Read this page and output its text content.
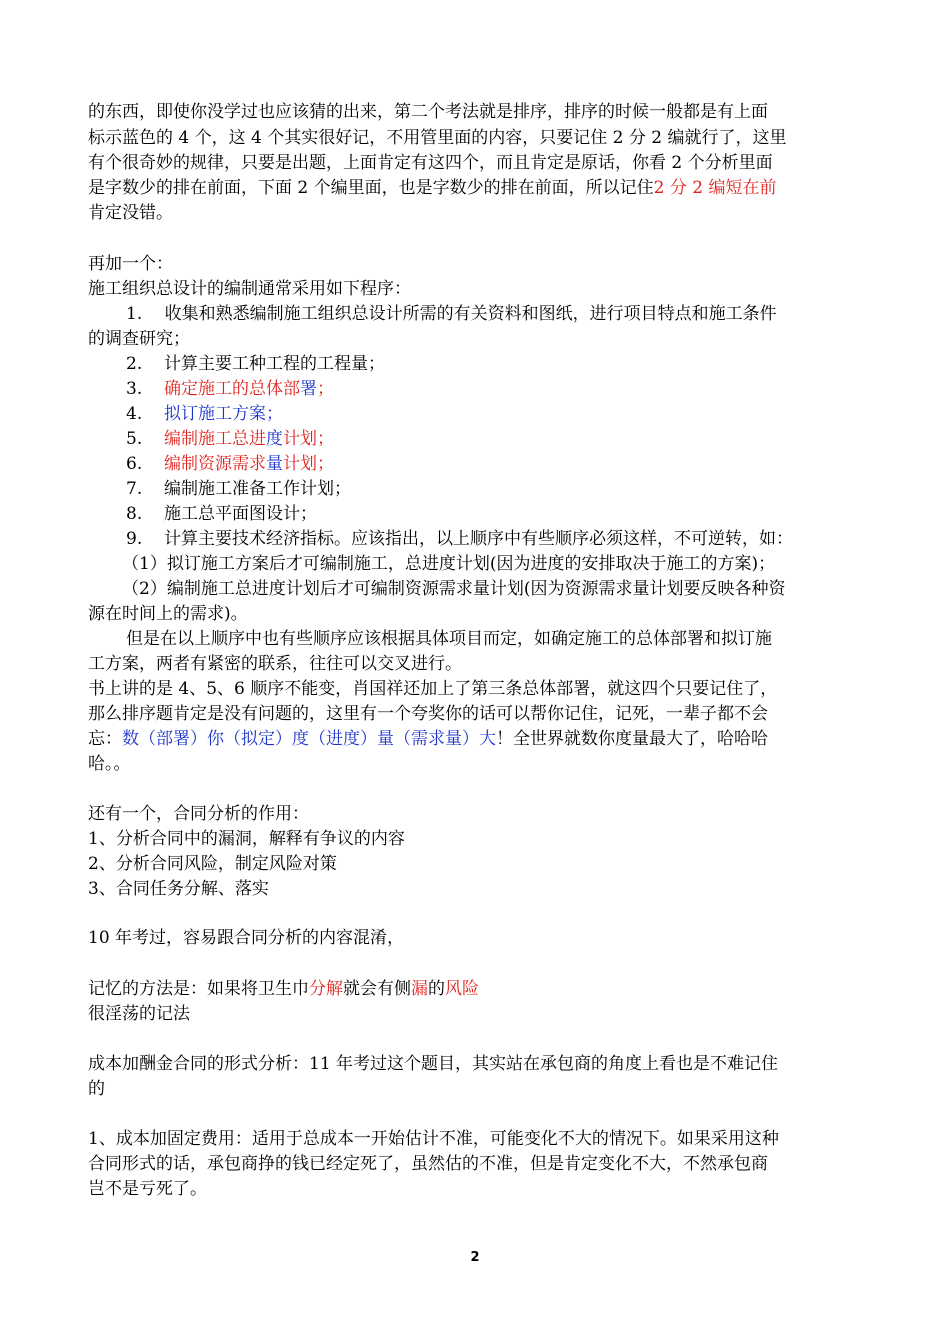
的东西，即使你没学过也应该猜的出来，第二个考法就是排序，排序的时候一般都是有上面
标示蓝色的 4 个，这 4 个其实很好记，不用管里面的内容，只要记住 2 分 2 编就行了，这里
有个很奇妙的规律，只要是出题，上面肯定有这四个，而且肯定是原话，你看 2 个分析里面
是字数少的排在前面，下面 2 个编里面，也是字数少的排在前面，所以记住2 分 2 编短在前
肯定没错。
再加一个：
施工组织总设计的编制通常采用如下程序：
1.　 收集和熟悉编制施工组织总设计所需的有关资料和图纸，进行项目特点和施工条件
的调查研究；
2. 计算主要工种工程的工程量；
3. 确定施工的总体部署；
4. 拟订施工方案；
5. 编制施工总进度计划；
6. 编制资源需求量计划；
7. 编制施工准备工作计划；
8. 施工总平面图设计；
9. 计算主要技术经济指标。应该指出，以上顺序中有些顺序必须这样，不可逆转，如：
（1）拟订施工方案后才可编制施工，总进度计划(因为进度的安排取决于施工的方案)；
（2）编制施工总进度计划后才可编制资源需求量计划(因为资源需求量计划要反映各种资
源在时间上的需求)。
但是在以上顺序中也有些顺序应该根据具体项目而定，如确定施工的总体部署和拟订施
工方案，两者有紧密的联系，往往可以交叉进行。
书上讲的是 4、5、6 顺序不能变，肖国祥还加上了第三条总体部署，就这四个只要记住了，
那么排序题肯定是没有问题的，这里有一个夸奖你的话可以帮你记住，记死，一辈子都不会
忘：数（部署）你（拟定）度（进度）量（需求量）大！全世界就数你度量最大了，哈哈哈
哈。。
还有一个，合同分析的作用：
1、分析合同中的漏洞，解释有争议的内容
2、分析合同风险，制定风险对策
3、合同任务分解、落实
10 年考过，容易跟合同分析的内容混淆，
记忆的方法是：如果将卫生巾分解就会有侧漏的风险
很淫荡的记法
成本加酬金合同的形式分析：11 年考过这个题目，其实站在承包商的角度上看也是不难记住
的
1、成本加固定费用：适用于总成本一开始估计不准，可能变化不大的情况下。如果采用这种
合同形式的话，承包商挣的钱已经定死了，虽然估的不准，但是肯定变化不大，不然承包商
岂不是亏死了。
2
